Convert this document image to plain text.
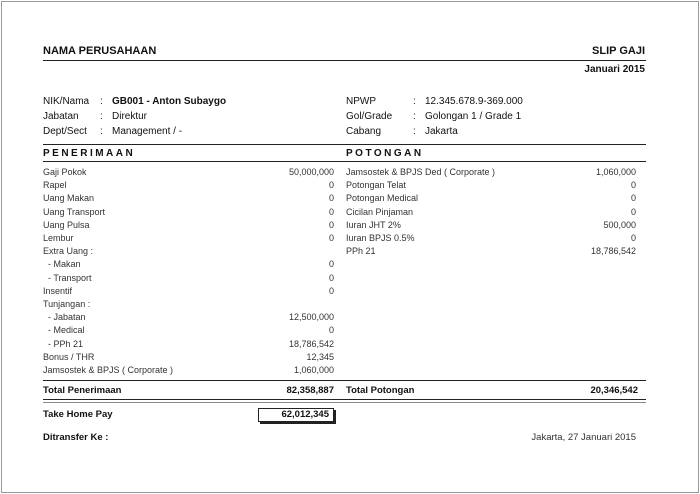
NAMA PERUSAHAAN	SLIP GAJI
Januari 2015
NIK/Nama : GB001 - Anton Subaygo
Jabatan : Direktur
Dept/Sect : Management / -
NPWP	: 12.345.678.9-369.000
Gol/Grade : Golongan 1 / Grade 1
Cabang	: Jakarta
PENERIMAAN	POTONGAN
Gaji Pokok	50,000,000
Rapel	0
Uang Makan	0
Uang Transport	0
Uang Pulsa	0
Lembur	0
Extra Uang :
- Makan	0
- Transport	0
Insentif	0
Tunjangan :
- Jabatan	12,500,000
- Medical	0
- PPh 21	18,786,542
Bonus / THR	12,345
Jamsostek & BPJS ( Corporate )	1,060,000
Jamsostek & BPJS Ded ( Corporate )	1,060,000
Potongan Telat	0
Potongan Medical	0
Cicilan Pinjaman	0
Iuran JHT 2%	500,000
Iuran BPJS 0.5%	0
PPh 21	18,786,542
Total Penerimaan	82,358,887 Total Potongan	20,346,542
Take Home Pay	62,012,345
Ditransfer Ke :	Jakarta, 27 Januari 2015
